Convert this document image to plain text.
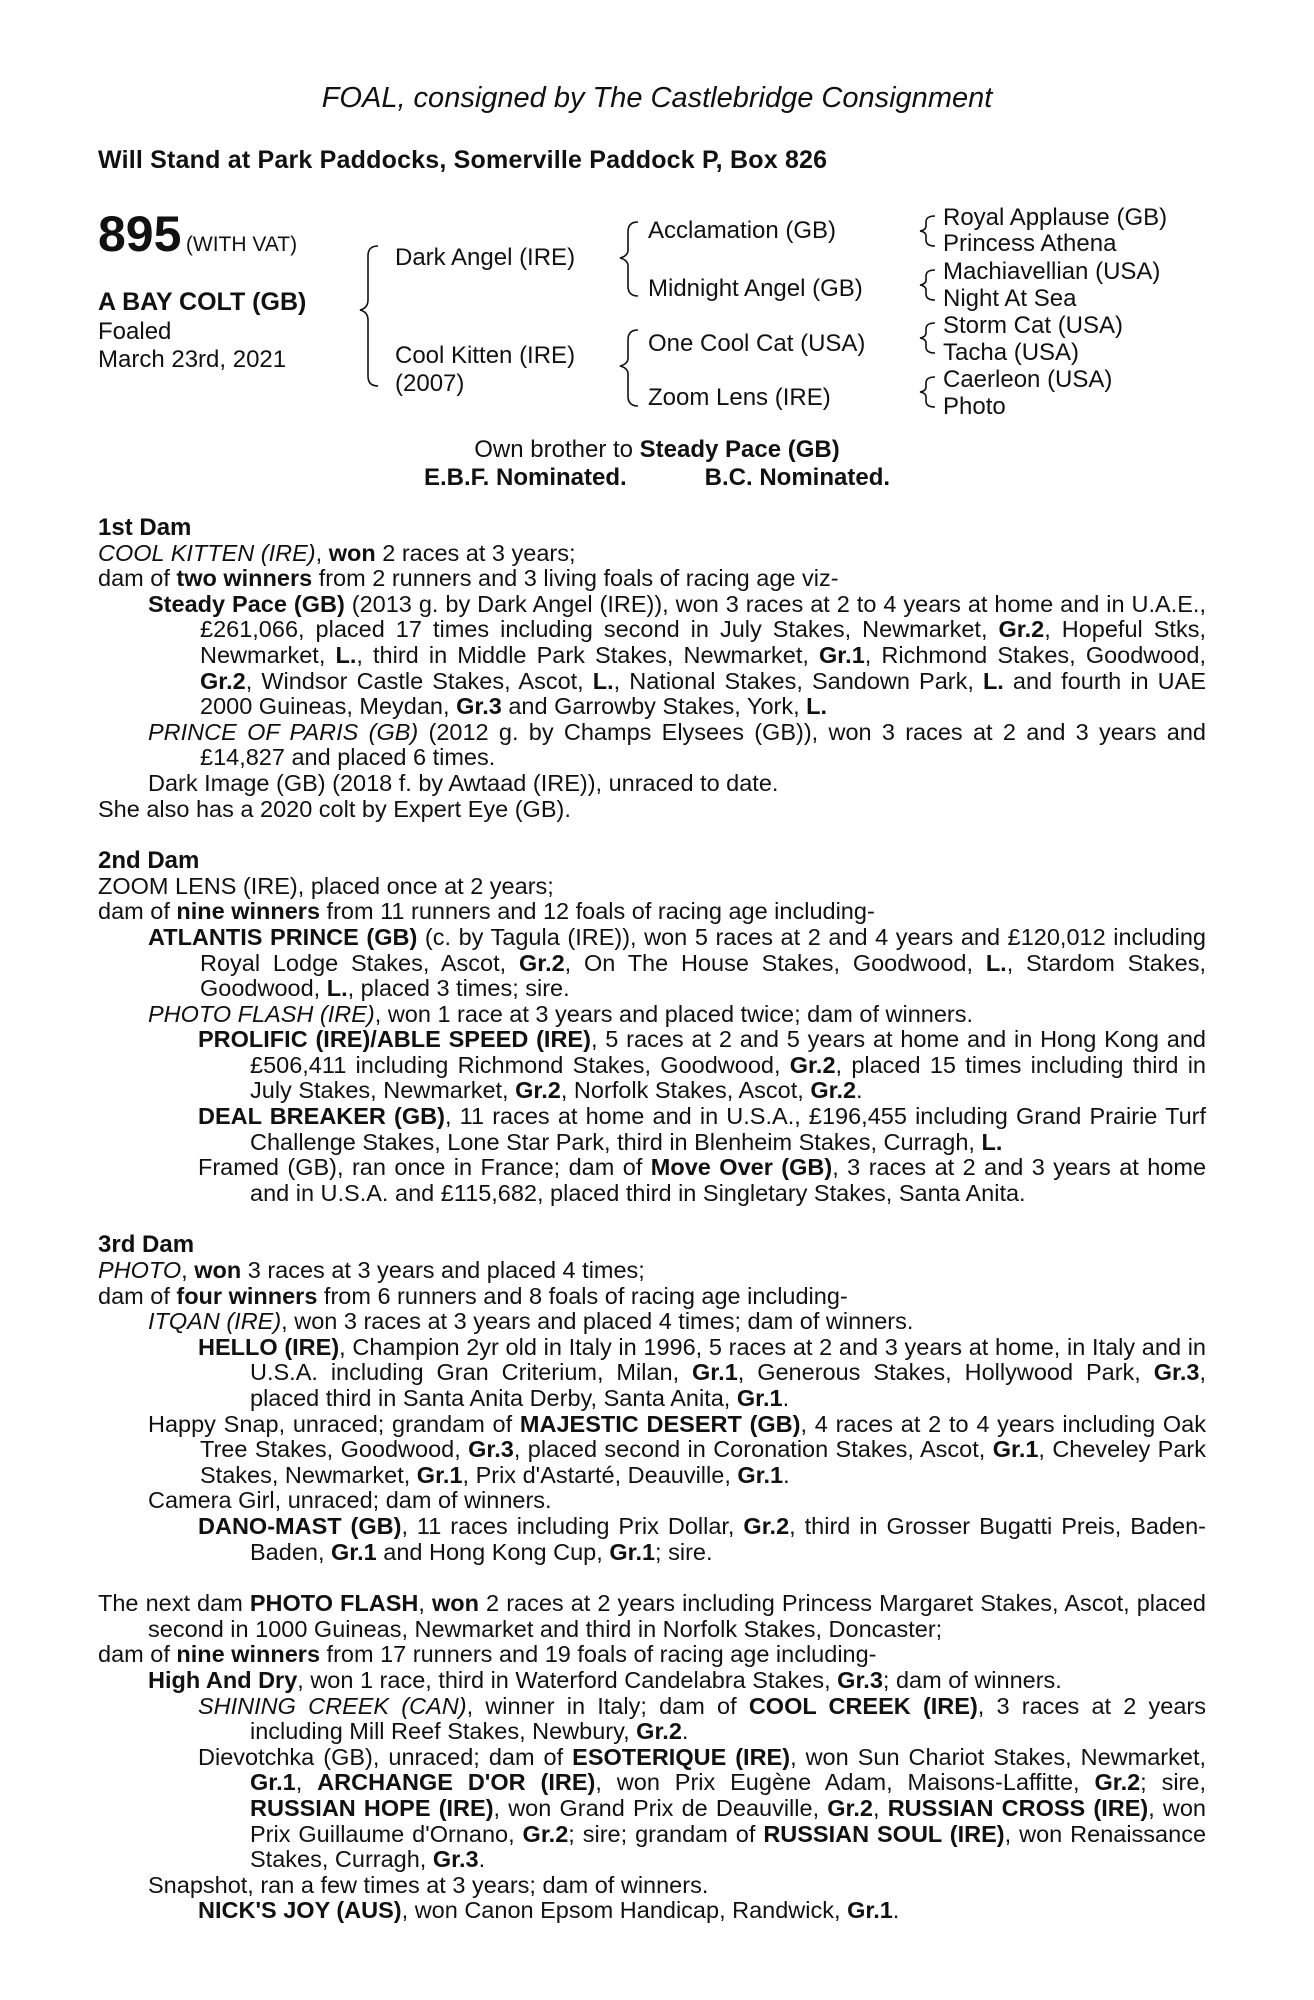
FOAL, consigned by The Castlebridge Consignment
Will Stand at Park Paddocks, Somerville Paddock P, Box 826
895 (WITH VAT)
A BAY COLT (GB)
Foaled
March 23rd, 2021
Dark Angel (IRE)
Cool Kitten (IRE)
(2007)
Acclamation (GB)
Midnight Angel (GB)
One Cool Cat (USA)
Zoom Lens (IRE)
Royal Applause (GB)
Princess Athena
Machiavellian (USA)
Night At Sea
Storm Cat (USA)
Tacha (USA)
Caerleon (USA)
Photo
Own brother to Steady Pace (GB)
E.B.F. Nominated.	B.C. Nominated.

1st Dam

COOL KITTEN (IRE), won 2 races at 3 years;

dam of two winners from 2 runners and 3 living foals of racing age viz-

Steady Pace (GB) (2013 g. by Dark Angel (IRE)), won 3 races at 2 to 4 years at home and in U.A.E., £261,066, placed 17 times including second in July Stakes, Newmarket, Gr.2, Hopeful Stks, Newmarket, L., third in Middle Park Stakes, Newmarket, Gr.1, Richmond Stakes, Goodwood, Gr.2, Windsor Castle Stakes, Ascot, L., National Stakes, Sandown Park, L. and fourth in UAE 2000 Guineas, Meydan, Gr.3 and Garrowby Stakes, York, L.

PRINCE OF PARIS (GB) (2012 g. by Champs Elysees (GB)), won 3 races at 2 and 3 years and £14,827 and placed 6 times.

Dark Image (GB) (2018 f. by Awtaad (IRE)), unraced to date.

She also has a 2020 colt by Expert Eye (GB).

2nd Dam

ZOOM LENS (IRE), placed once at 2 years;

dam of nine winners from 11 runners and 12 foals of racing age including-

ATLANTIS PRINCE (GB) (c. by Tagula (IRE)), won 5 races at 2 and 4 years and £120,012 including Royal Lodge Stakes, Ascot, Gr.2, On The House Stakes, Goodwood, L., Stardom Stakes, Goodwood, L., placed 3 times; sire.

PHOTO FLASH (IRE), won 1 race at 3 years and placed twice; dam of winners.

PROLIFIC (IRE)/ABLE SPEED (IRE), 5 races at 2 and 5 years at home and in Hong Kong and £506,411 including Richmond Stakes, Goodwood, Gr.2, placed 15 times including third in July Stakes, Newmarket, Gr.2, Norfolk Stakes, Ascot, Gr.2.

DEAL BREAKER (GB), 11 races at home and in U.S.A., £196,455 including Grand Prairie Turf Challenge Stakes, Lone Star Park, third in Blenheim Stakes, Curragh, L.

Framed (GB), ran once in France; dam of Move Over (GB), 3 races at 2 and 3 years at home and in U.S.A. and £115,682, placed third in Singletary Stakes, Santa Anita.

3rd Dam

PHOTO, won 3 races at 3 years and placed 4 times;

dam of four winners from 6 runners and 8 foals of racing age including-

ITQAN (IRE), won 3 races at 3 years and placed 4 times; dam of winners.

HELLO (IRE), Champion 2yr old in Italy in 1996, 5 races at 2 and 3 years at home, in Italy and in U.S.A. including Gran Criterium, Milan, Gr.1, Generous Stakes, Hollywood Park, Gr.3, placed third in Santa Anita Derby, Santa Anita, Gr.1.

Happy Snap, unraced; grandam of MAJESTIC DESERT (GB), 4 races at 2 to 4 years including Oak Tree Stakes, Goodwood, Gr.3, placed second in Coronation Stakes, Ascot, Gr.1, Cheveley Park Stakes, Newmarket, Gr.1, Prix d'Astarté, Deauville, Gr.1.

Camera Girl, unraced; dam of winners.

DANO-MAST (GB), 11 races including Prix Dollar, Gr.2, third in Grosser Bugatti Preis, Baden-Baden, Gr.1 and Hong Kong Cup, Gr.1; sire.

The next dam PHOTO FLASH, won 2 races at 2 years including Princess Margaret Stakes, Ascot, placed second in 1000 Guineas, Newmarket and third in Norfolk Stakes, Doncaster;

dam of nine winners from 17 runners and 19 foals of racing age including-

High And Dry, won 1 race, third in Waterford Candelabra Stakes, Gr.3; dam of winners.

SHINING CREEK (CAN), winner in Italy; dam of COOL CREEK (IRE), 3 races at 2 years including Mill Reef Stakes, Newbury, Gr.2.

Dievotchka (GB), unraced; dam of ESOTERIQUE (IRE), won Sun Chariot Stakes, Newmarket, Gr.1, ARCHANGE D'OR (IRE), won Prix Eugène Adam, Maisons-Laffitte, Gr.2; sire, RUSSIAN HOPE (IRE), won Grand Prix de Deauville, Gr.2, RUSSIAN CROSS (IRE), won Prix Guillaume d'Ornano, Gr.2; sire; grandam of RUSSIAN SOUL (IRE), won Renaissance Stakes, Curragh, Gr.3.

Snapshot, ran a few times at 3 years; dam of winners.

NICK'S JOY (AUS), won Canon Epsom Handicap, Randwick, Gr.1.
